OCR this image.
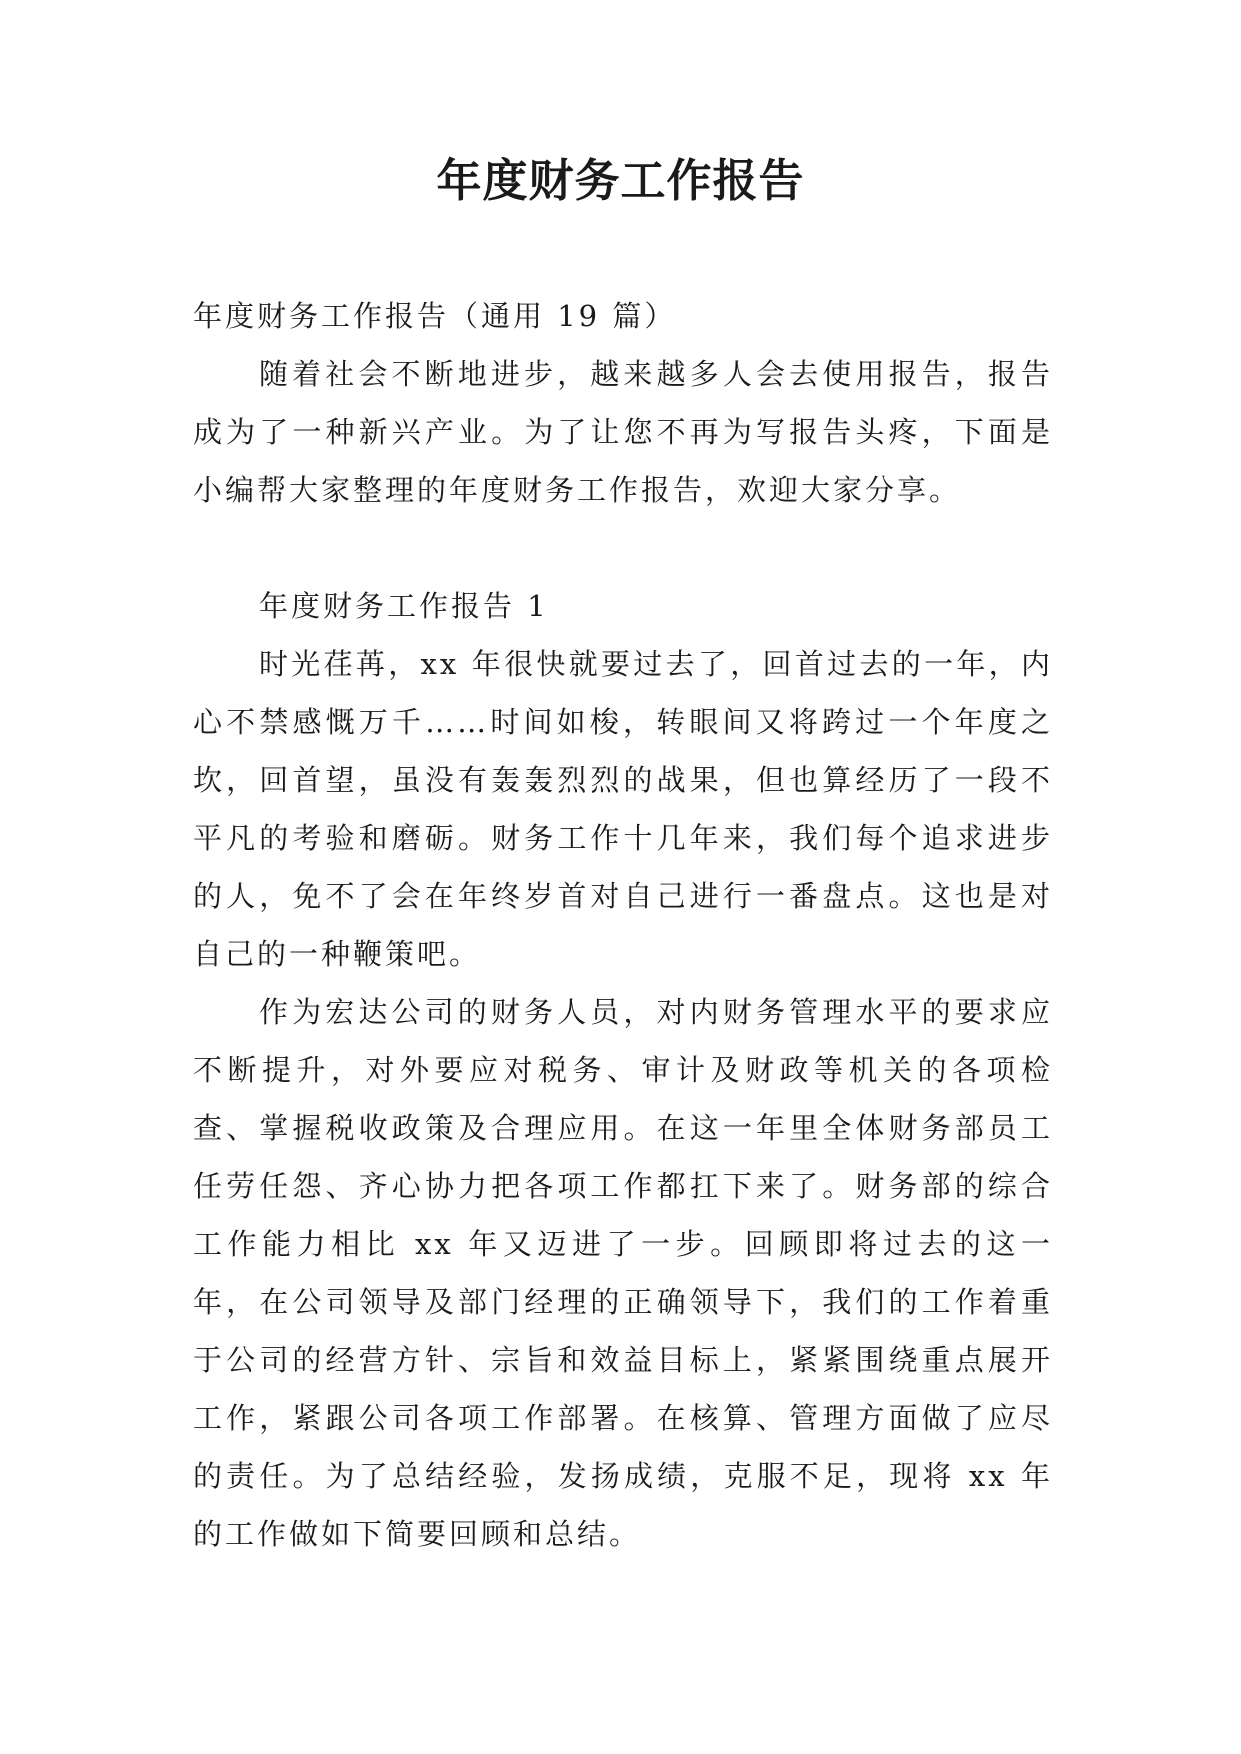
年度财务工作报告
年度财务工作报告（通用 19 篇）

随着社会不断地进步，越来越多人会去使用报告，报告成为了一种新兴产业。为了让您不再为写报告头疼，下面是小编帮大家整理的年度财务工作报告，欢迎大家分享。

年度财务工作报告 1

时光荏苒，xx 年很快就要过去了，回首过去的一年，内心不禁感慨万千……时间如梭，转眼间又将跨过一个年度之坎，回首望，虽没有轰轰烈烈的战果，但也算经历了一段不平凡的考验和磨砺。财务工作十几年来，我们每个追求进步的人，免不了会在年终岁首对自己进行一番盘点。这也是对自己的一种鞭策吧。

作为宏达公司的财务人员，对内财务管理水平的要求应不断提升，对外要应对税务、审计及财政等机关的各项检查、掌握税收政策及合理应用。在这一年里全体财务部员工任劳任怨、齐心协力把各项工作都扛下来了。财务部的综合工作能力相比 xx 年又迈进了一步。回顾即将过去的这一年，在公司领导及部门经理的正确领导下，我们的工作着重于公司的经营方针、宗旨和效益目标上，紧紧围绕重点展开工作，紧跟公司各项工作部署。在核算、管理方面做了应尽的责任。为了总结经验，发扬成绩，克服不足，现将 xx 年的工作做如下简要回顾和总结。
